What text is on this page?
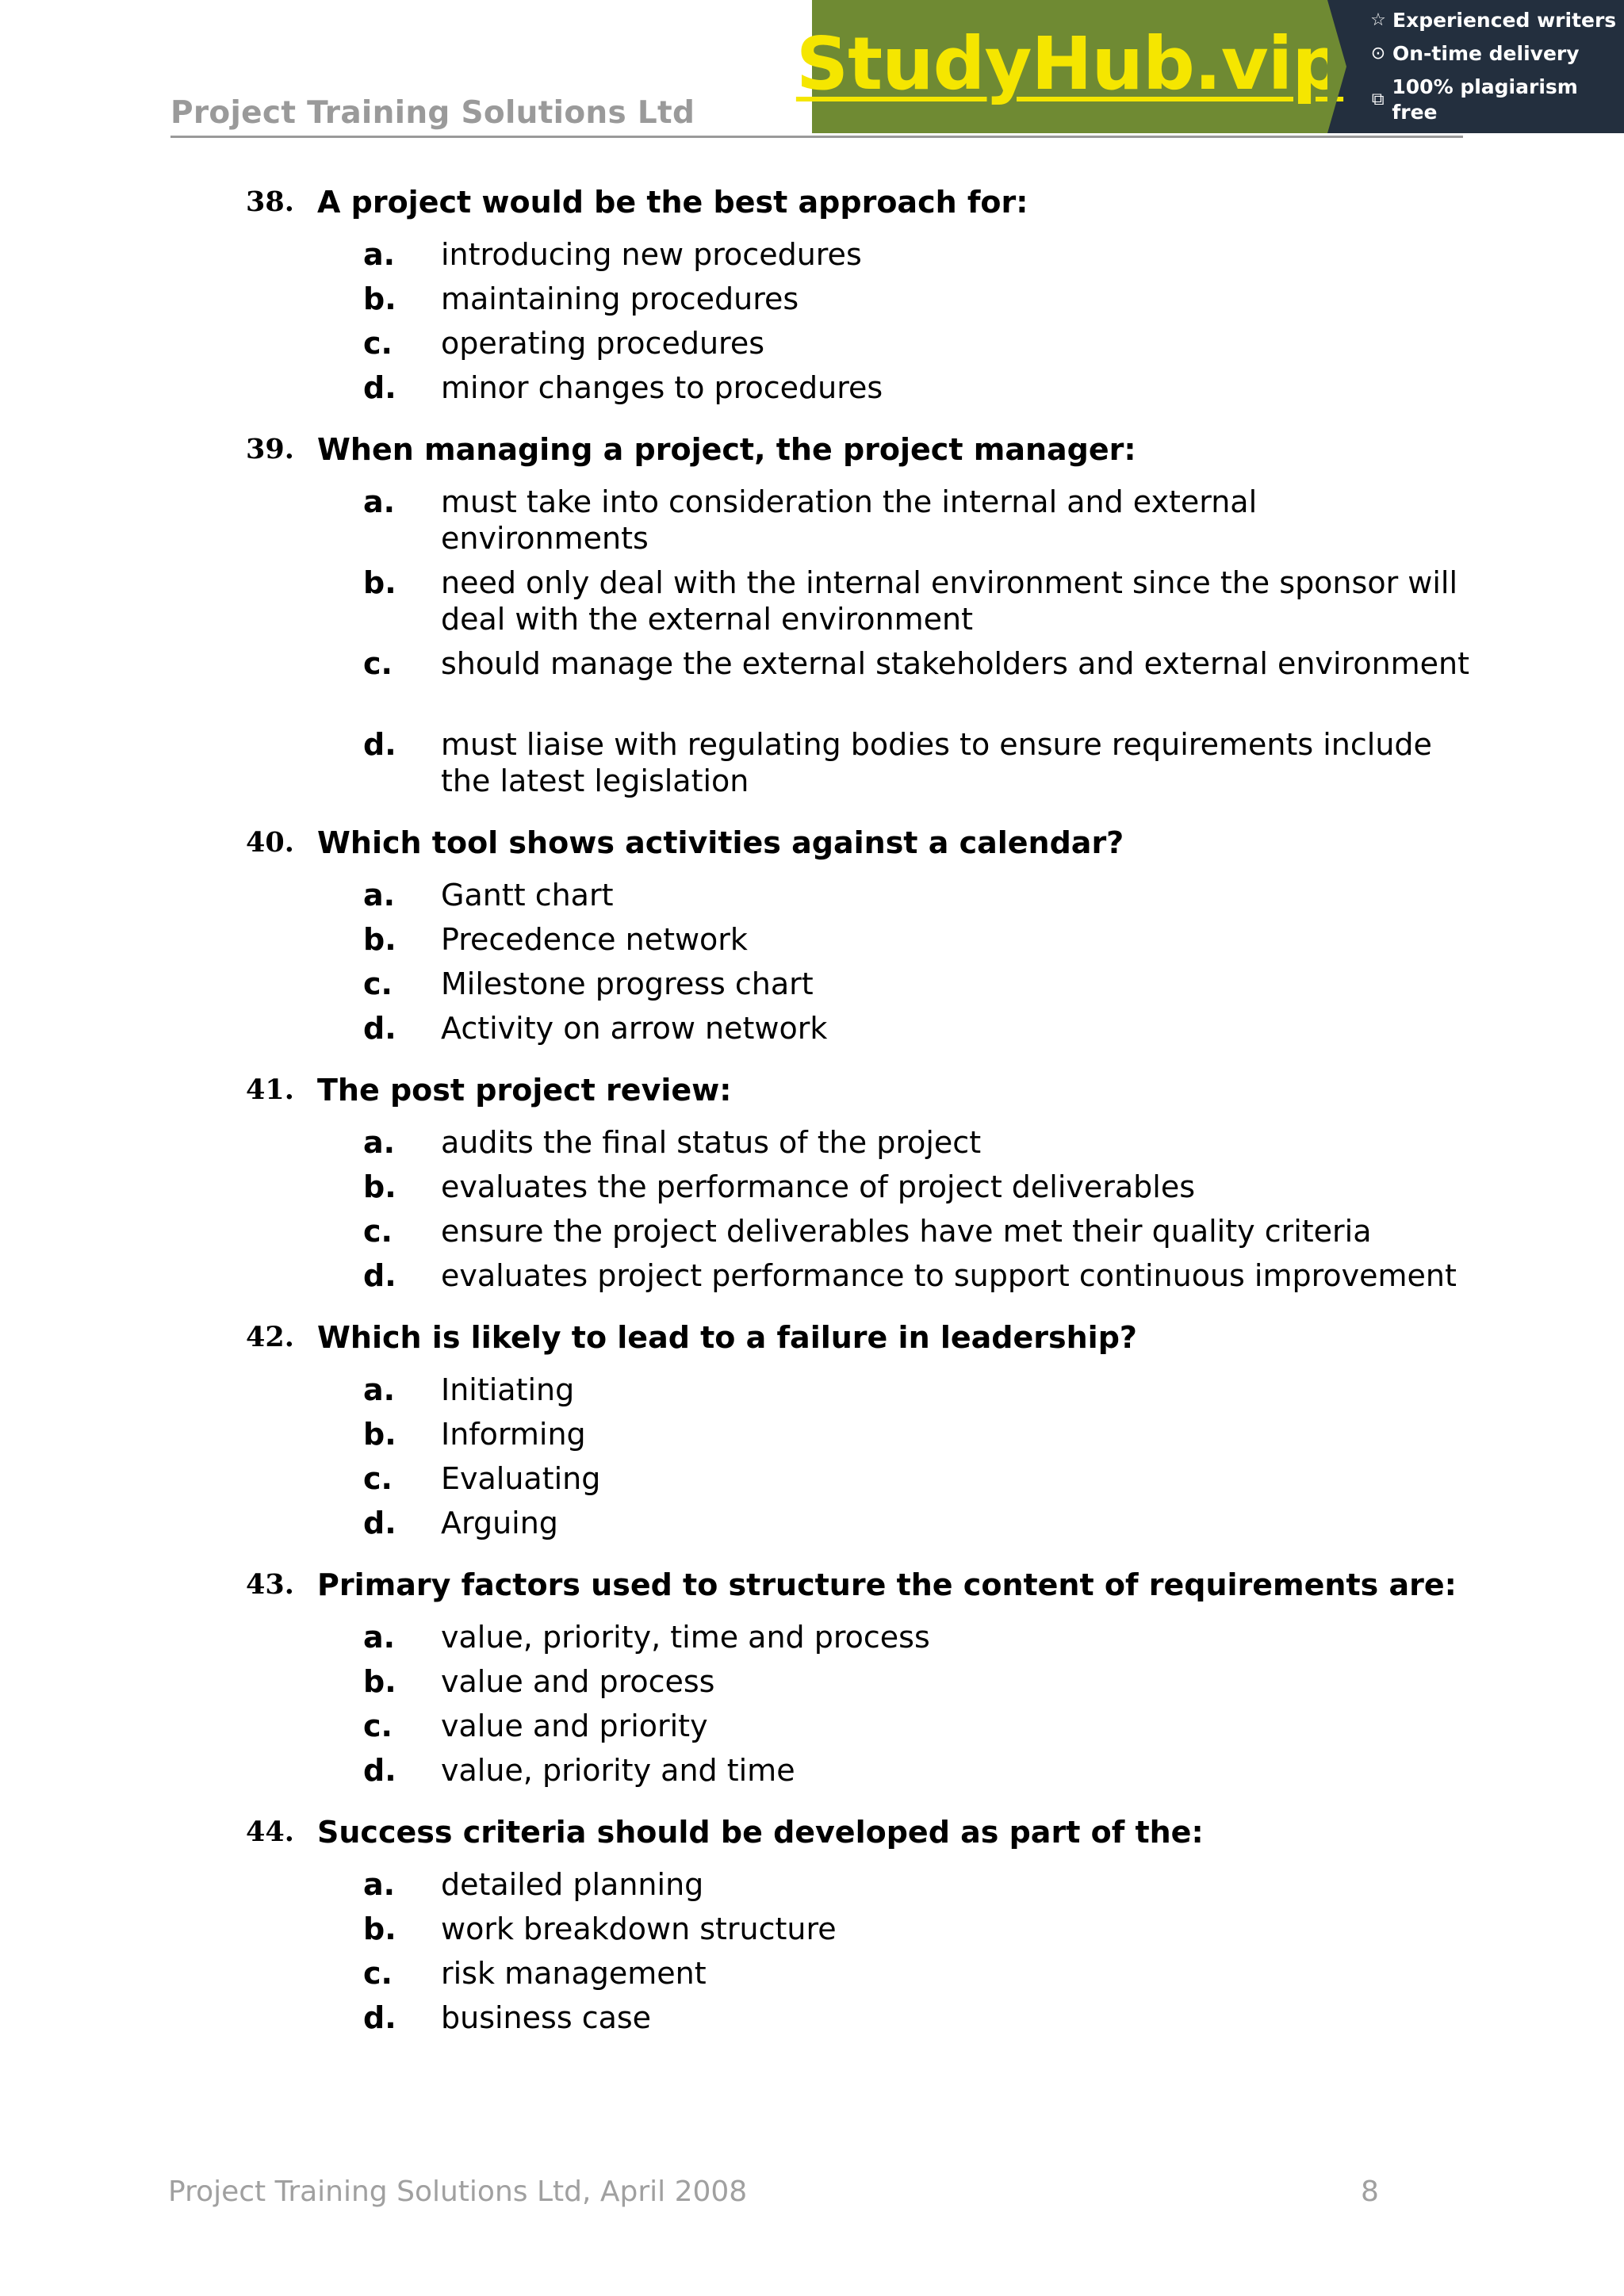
Project Training Solutions Ltd
StudyHub.vip
☆ Experienced writers
⊙ On-time delivery
⧉
100% plagiarism free
38. A project would be the best approach for:
a. introducing new procedures
b. maintaining procedures
c. operating procedures
d. minor changes to procedures
39. When managing a project, the project manager:
a. must take into consideration the internal and external environments
b. need only deal with the internal environment since the sponsor will deal with the external environment
c. should manage the external stakeholders and external environment
d. must liaise with regulating bodies to ensure requirements include the latest legislation
40. Which tool shows activities against a calendar?
a. Gantt chart
b. Precedence network
c. Milestone progress chart
d. Activity on arrow network
41. The post project review:
a. audits the final status of the project
b. evaluates the performance of project deliverables
c. ensure the project deliverables have met their quality criteria
d. evaluates project performance to support continuous improvement
42. Which is likely to lead to a failure in leadership?
a. Initiating
b. Informing
c. Evaluating
d. Arguing
43. Primary factors used to structure the content of requirements are:
a. value, priority, time and process
b. value and process
c. value and priority
d. value, priority and time
44. Success criteria should be developed as part of the:
a. detailed planning
b. work breakdown structure
c. risk management
d. business case
Project Training Solutions Ltd, April 2008	8
